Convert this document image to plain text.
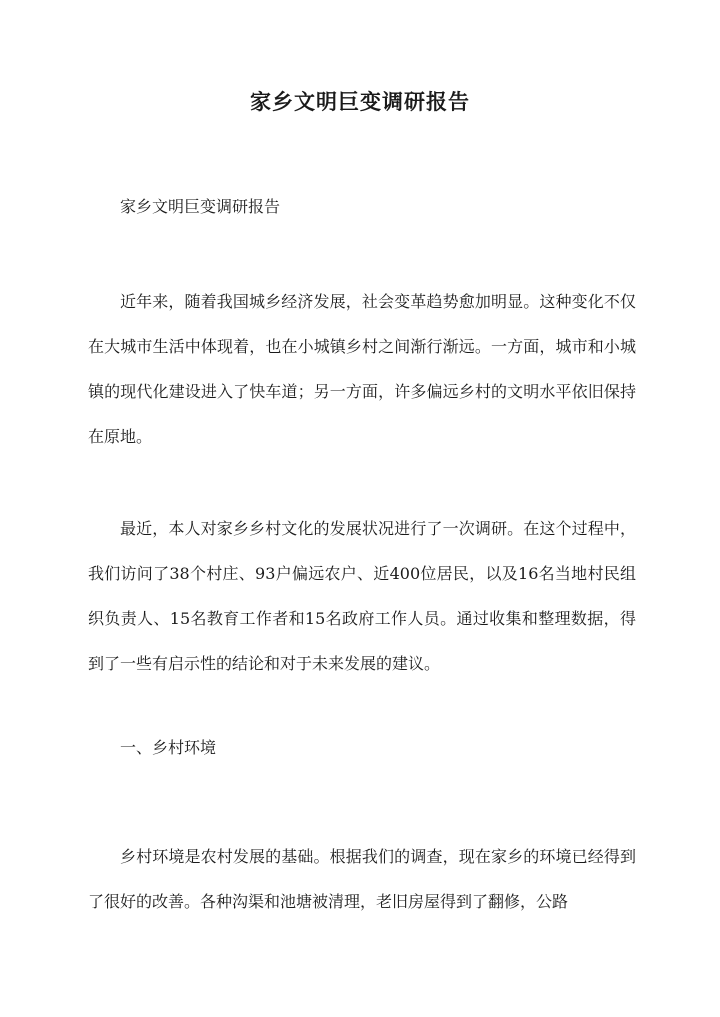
家乡文明巨变调研报告

家乡文明巨变调研报告

近年来，随着我国城乡经济发展，社会变革趋势愈加明显。这种变化不仅在大城市生活中体现着，也在小城镇乡村之间渐行渐远。一方面，城市和小城镇的现代化建设进入了快车道；另一方面，许多偏远乡村的文明水平依旧保持在原地。

最近，本人对家乡乡村文化的发展状况进行了一次调研。在这个过程中，我们访问了38个村庄、93户偏远农户、近400位居民，以及16名当地村民组织负责人、15名教育工作者和15名政府工作人员。通过收集和整理数据，得到了一些有启示性的结论和对于未来发展的建议。

一、乡村环境

乡村环境是农村发展的基础。根据我们的调查，现在家乡的环境已经得到了很好的改善。各种沟渠和池塘被清理，老旧房屋得到了翻修，公路
